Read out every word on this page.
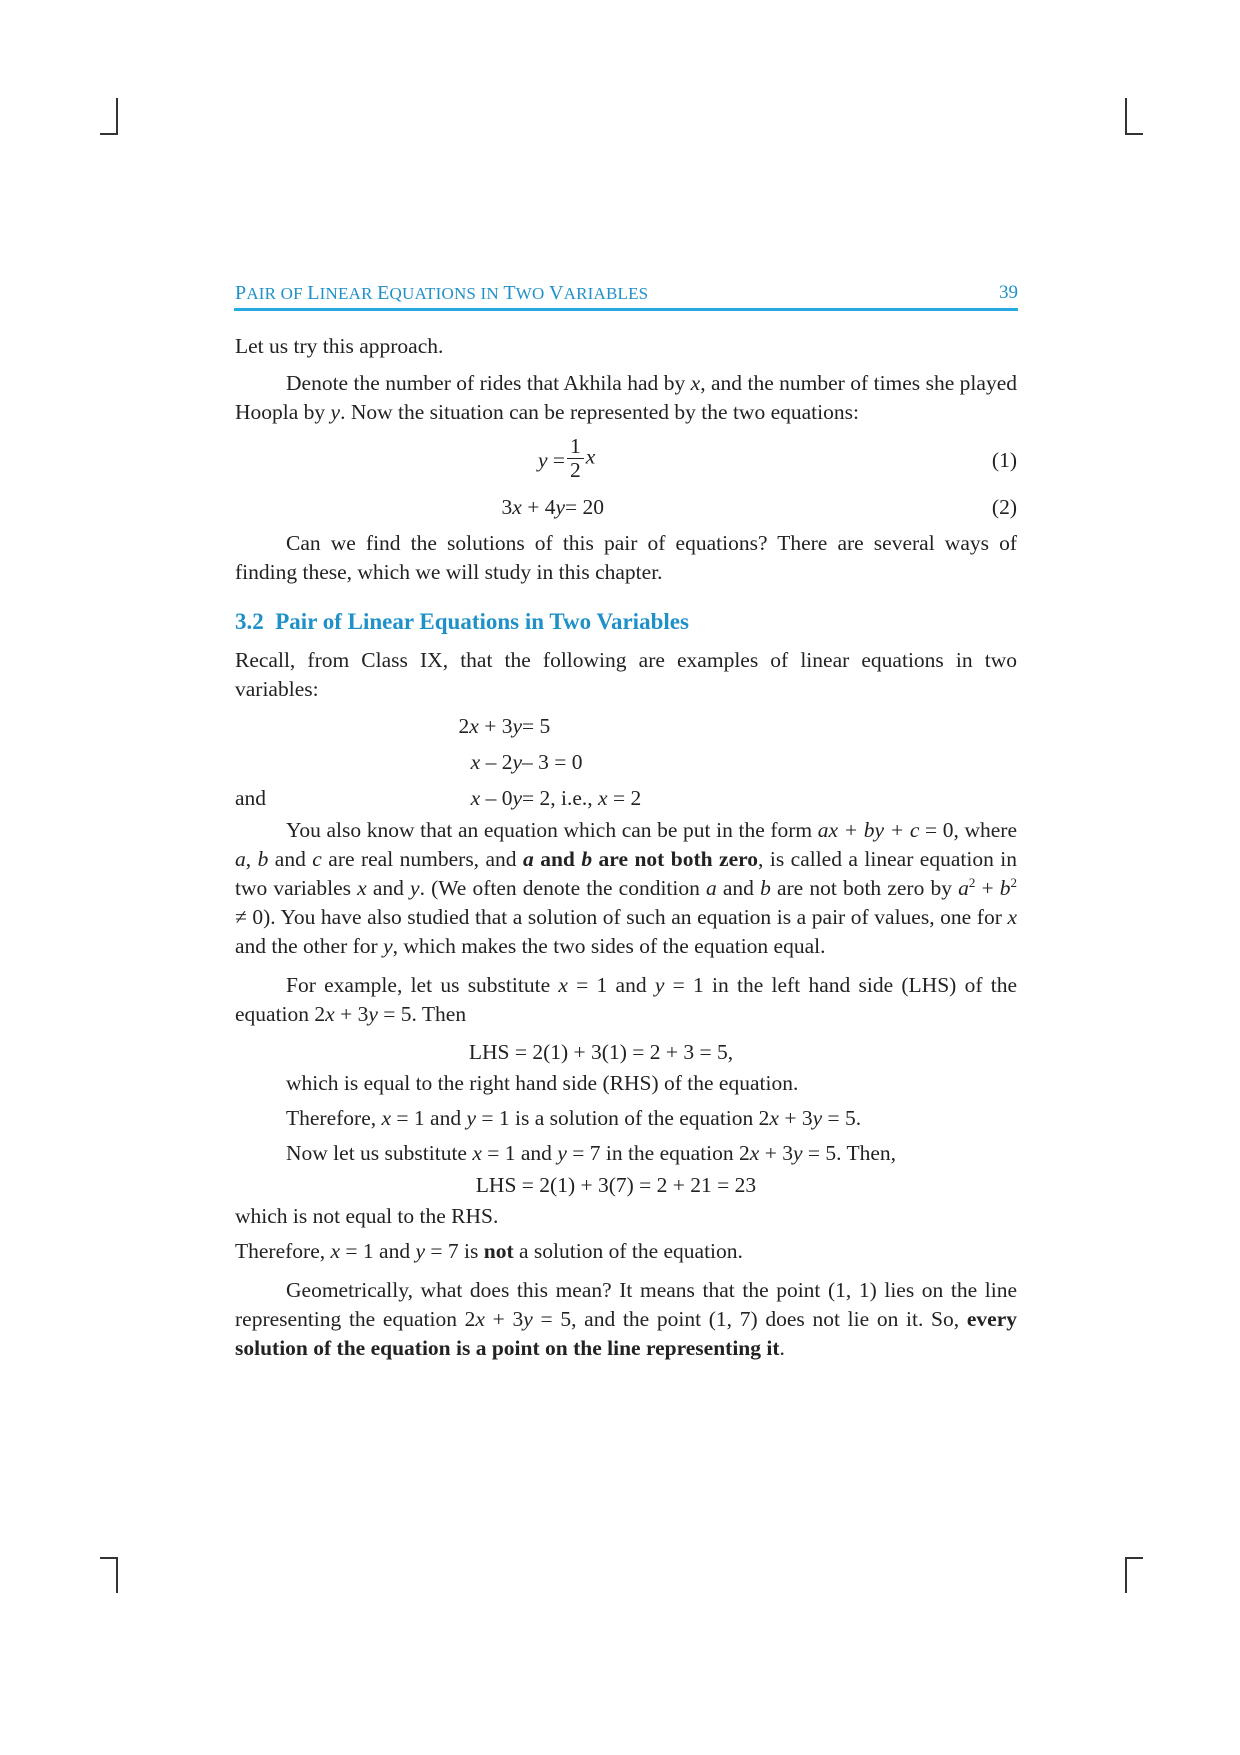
PAIR OF LINEAR EQUATIONS IN TWO VARIABLES	39

Let us try this approach.

Denote the number of rides that Akhila had by x, and the number of times she played Hoopla by y. Now the situation can be represented by the two equations:

$y = \frac{1}{2}$ x	(1)
3x + 4y = 20	(2)

Can we find the solutions of this pair of equations? There are several ways of finding these, which we will study in this chapter.

3.2 Pair of Linear Equations in Two Variables

Recall, from Class IX, that the following are examples of linear equations in two variables:

2x + 3y = 5
x – 2y – 3 = 0
and	x – 0y = 2, i.e., x = 2

You also know that an equation which can be put in the form ax + by + c = 0, where a, b and c are real numbers, and a and b are not both zero, is called a linear equation in two variables x and y. (We often denote the condition a and b are not both zero by $a^2 + b^2 \ne 0$). You have also studied that a solution of such an equation is a pair of values, one for x and the other for y, which makes the two sides of the equation equal.

For example, let us substitute x = 1 and y = 1 in the left hand side (LHS) of the equation 2x + 3y = 5. Then

LHS = 2(1) + 3(1) = 2 + 3 = 5,

which is equal to the right hand side (RHS) of the equation.

Therefore, x = 1 and y = 1 is a solution of the equation 2x + 3y = 5.

Now let us substitute x = 1 and y = 7 in the equation 2x + 3y = 5. Then,

LHS = 2(1) + 3(7) = 2 + 21 = 23

which is not equal to the RHS.

Therefore, x = 1 and y = 7 is not a solution of the equation.

Geometrically, what does this mean? It means that the point (1, 1) lies on the line representing the equation 2x + 3y = 5, and the point (1, 7) does not lie on it. So, every solution of the equation is a point on the line representing it.
